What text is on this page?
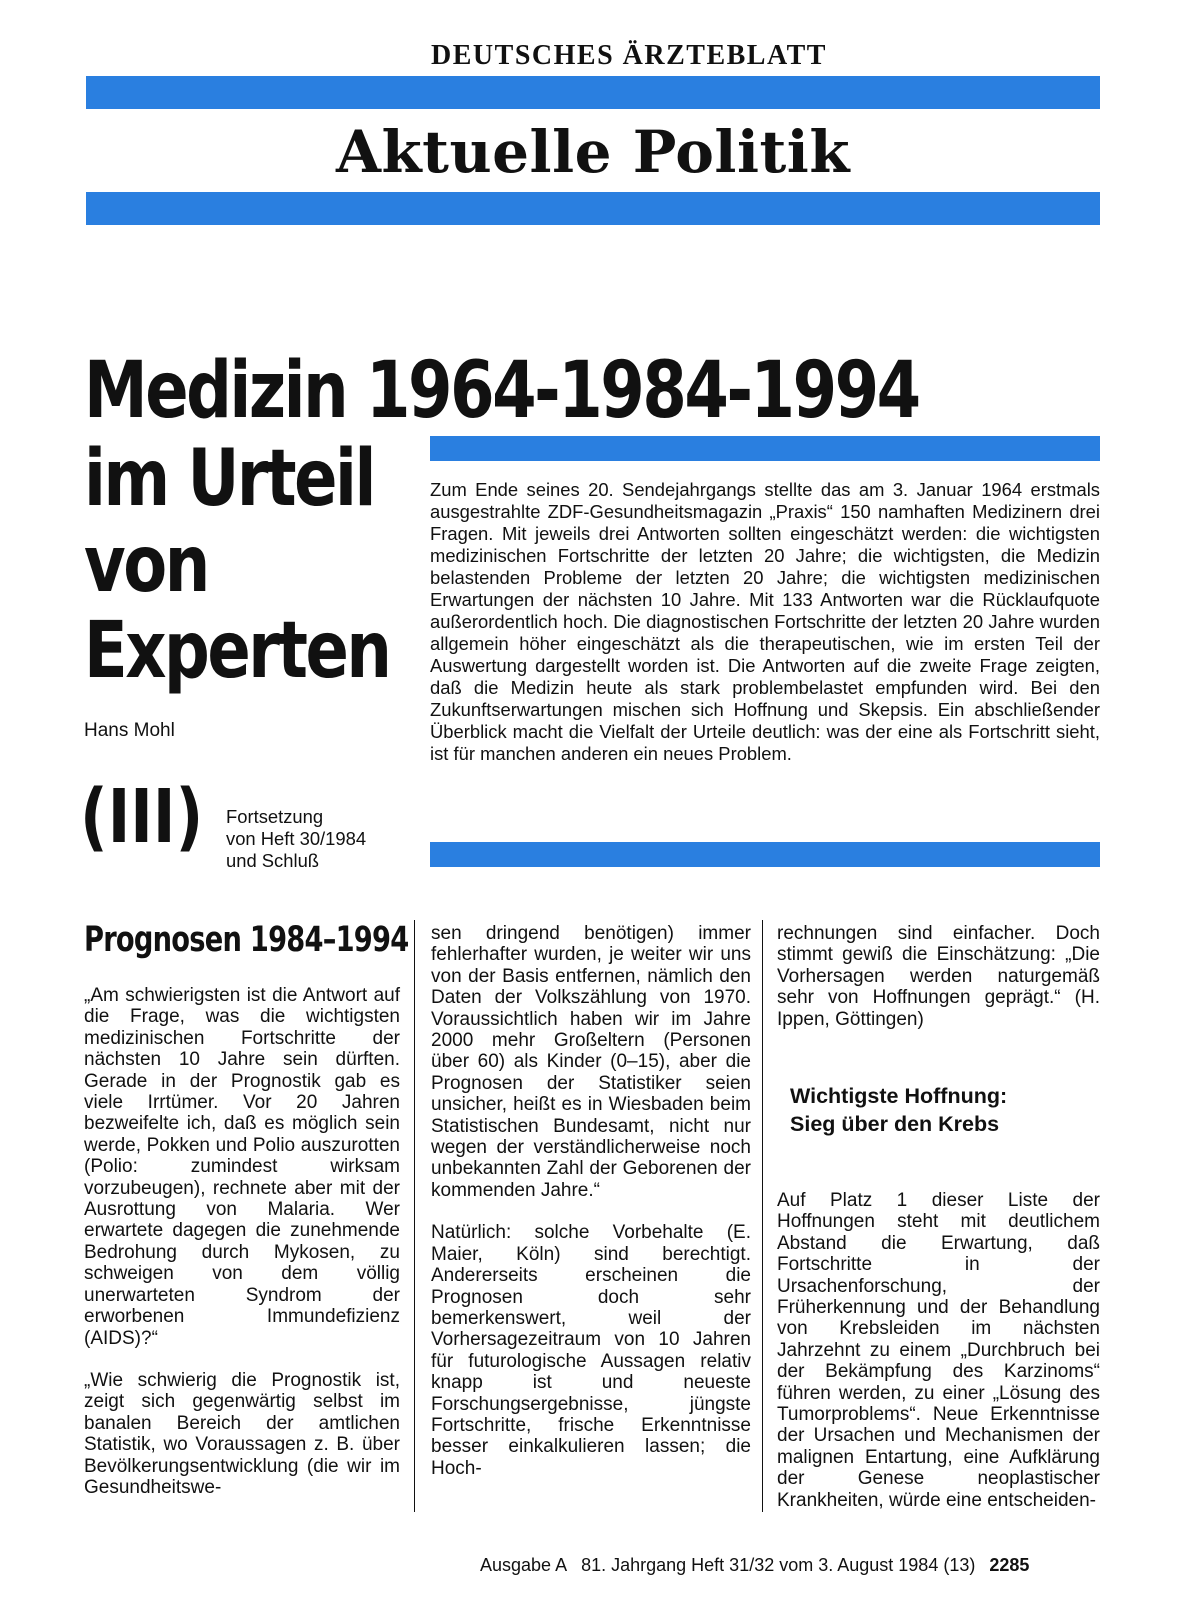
DEUTSCHES ÄRZTEBLATT
Aktuelle Politik
Medizin 1964-1984-1994
im Urteil
von
Experten
Zum Ende seines 20. Sendejahrgangs stellte das am 3. Januar 1964 erstmals ausgestrahlte ZDF-Gesundheitsmagazin „Praxis“ 150 namhaften Medizinern drei Fragen. Mit jeweils drei Antworten sollten eingeschätzt werden: die wichtigsten medizinischen Fortschritte der letzten 20 Jahre; die wichtigsten, die Medizin belastenden Probleme der letzten 20 Jahre; die wichtigsten medizinischen Erwartungen der nächsten 10 Jahre. Mit 133 Antworten war die Rücklaufquote außerordentlich hoch. Die diagnostischen Fortschritte der letzten 20 Jahre wurden allgemein höher eingeschätzt als die therapeutischen, wie im ersten Teil der Auswertung dargestellt worden ist. Die Antworten auf die zweite Frage zeigten, daß die Medizin heute als stark problembelastet empfunden wird. Bei den Zukunftserwartungen mischen sich Hoffnung und Skepsis. Ein abschließender Überblick macht die Vielfalt der Urteile deutlich: was der eine als Fortschritt sieht, ist für manchen anderen ein neues Problem.
Hans Mohl
(III) Fortsetzung
von Heft 30/1984
und Schluß
Prognosen 1984–1994

„Am schwierigsten ist die Antwort auf die Frage, was die wichtigsten medizinischen Fortschritte der nächsten 10 Jahre sein dürften. Gerade in der Prognostik gab es viele Irrtümer. Vor 20 Jahren bezweifelte ich, daß es möglich sein werde, Pokken und Polio auszurotten (Polio: zumindest wirksam vorzubeugen), rechnete aber mit der Ausrottung von Malaria. Wer erwartete dagegen die zunehmende Bedrohung durch Mykosen, zu schweigen von dem völlig unerwarteten Syndrom der erworbenen Immundefizienz (AIDS)?“

„Wie schwierig die Prognostik ist, zeigt sich gegenwärtig selbst im banalen Bereich der amtlichen Statistik, wo Voraussagen z. B. über Bevölkerungsentwicklung (die wir im Gesundheitswe-

sen dringend benötigen) immer fehlerhafter wurden, je weiter wir uns von der Basis entfernen, nämlich den Daten der Volkszählung von 1970. Voraussichtlich haben wir im Jahre 2000 mehr Großeltern (Personen über 60) als Kinder (0–15), aber die Prognosen der Statistiker seien unsicher, heißt es in Wiesbaden beim Statistischen Bundesamt, nicht nur wegen der verständlicherweise noch unbekannten Zahl der Geborenen der kommenden Jahre.“

Natürlich: solche Vorbehalte (E. Maier, Köln) sind berechtigt. Andererseits erscheinen die Prognosen doch sehr bemerkenswert, weil der Vorhersagezeitraum von 10 Jahren für futurologische Aussagen relativ knapp ist und neueste Forschungsergebnisse, jüngste Fortschritte, frische Erkenntnisse besser einkalkulieren lassen; die Hoch-

rechnungen sind einfacher. Doch stimmt gewiß die Einschätzung: „Die Vorhersagen werden naturgemäß sehr von Hoffnungen geprägt.“ (H. Ippen, Göttingen)

Wichtigste Hoffnung:
Sieg über den Krebs

Auf Platz 1 dieser Liste der Hoffnungen steht mit deutlichem Abstand die Erwartung, daß Fortschritte in der Ursachenforschung, der Früherkennung und der Behandlung von Krebsleiden im nächsten Jahrzehnt zu einem „Durchbruch bei der Bekämpfung des Karzinoms“ führen werden, zu einer „Lösung des Tumorproblems“. Neue Erkenntnisse der Ursachen und Mechanismen der malignen Entartung, eine Aufklärung der Genese neoplastischer Krankheiten, würde eine entscheiden-

Ausgabe A   81. Jahrgang Heft 31/32 vom 3. August 1984 (13) 2285
